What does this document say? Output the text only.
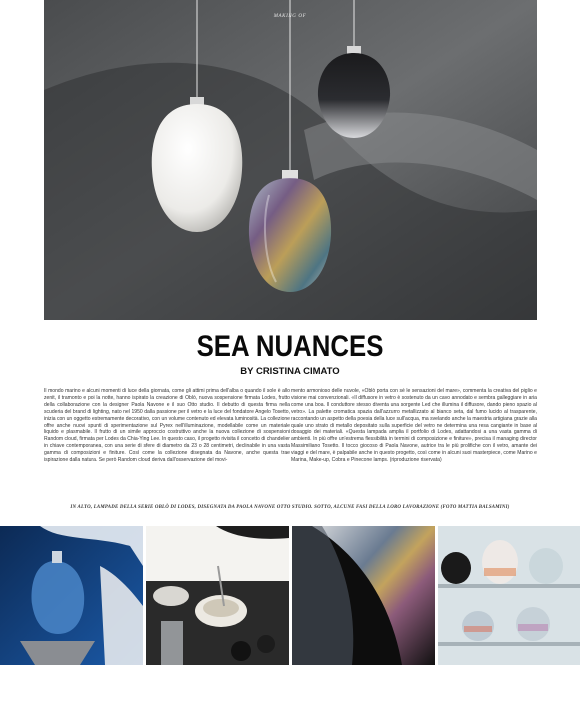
MAKING OF
SEA NUANCES
BY CRISTINA CIMATO
Il mondo marino e alcuni momenti di luce della giornata, come gli attimi prima dell'alba o quando il sole è allo zenit, il tramonto e poi la notte, hanno ispirato la creazione di Oblò, nuova sospensione firmata Lodes, frutto della collaborazione con la designer Paola Navone e il suo Otto studio. Il debutto di questa firma nella scuderia del brand di lighting, nato nel 1950 dalla passione per il vetro e la luce del fondatore Angelo Tosetto, inizia con un oggetto estremamente decorativo, con un volume contenuto ed elevata luminosità. La collezione offre anche nuovi spunti di sperimentazione sul Pyrex nell'illuminazione, modellabile come un materiale liquido e plasmabile. Il frutto di un simile approccio costruttivo anche la nuova collezione di sospensioni Random cloud, firmata per Lodes da Chia-Ying Lee. In questo caso, il progetto rivisita il concetto di chandelier in chiave contemporanea, con una serie di sfere di diametro da 23 o 28 centimetri, declinabile in una vasta gamma di composizioni e finiture. Così come la collezione disegnata da Navone, anche questa trae ispirazione dalla natura. Se però Random cloud deriva dall'osservazione del movi-
mento armonioso delle nuvole, «Oblò porta con sé le sensazioni del mare», commenta la creativa del piglio e visione mai convenzionali. «Il diffusore in vetro è sostenuto da un cavo annodato e sembra galleggiare in aria come una boa. Il conduttore stesso diventa una sorgente Led che illumina il diffusore, dando pieno spazio al vetro». La palette cromatica spazia dall'azzurro metallizzato al bianco seta, dal fumo lucido al trasparente, raccontando un aspetto della poesia della luce sull'acqua, ma svelando anche la maestria artigiana grazie alla quale uno strato di metallo depositato sulla superficie del vetro ne determina una resa cangiante in base al dosaggio dei materiali. «Questa lampada amplia il portfolio di Lodes, adattandosi a una vasta gamma di ambienti. In più offre un'estrema flessibilità in termini di composizione e finiture», precisa il managing director Massimiliano Tosetto. Il tocco giocoso di Paola Navone, autrice tra le più prolifiche con il vetro, amante dei viaggi e del mare, è palpabile anche in questo progetto, così come in alcuni suoi masterpiece, come Marino e Marina, Make-up, Cobra e Pinecone lamps. (riproduzione riservata)
IN ALTO, LAMPADE DELLA SERIE OBLÒ DI LODES, DISEGNATA DA PAOLA NAVONE OTTO STUDIO. SOTTO, ALCUNE FASI DELLA LORO LAVORAZIONE (FOTO MATTIA BALSAMINI)
